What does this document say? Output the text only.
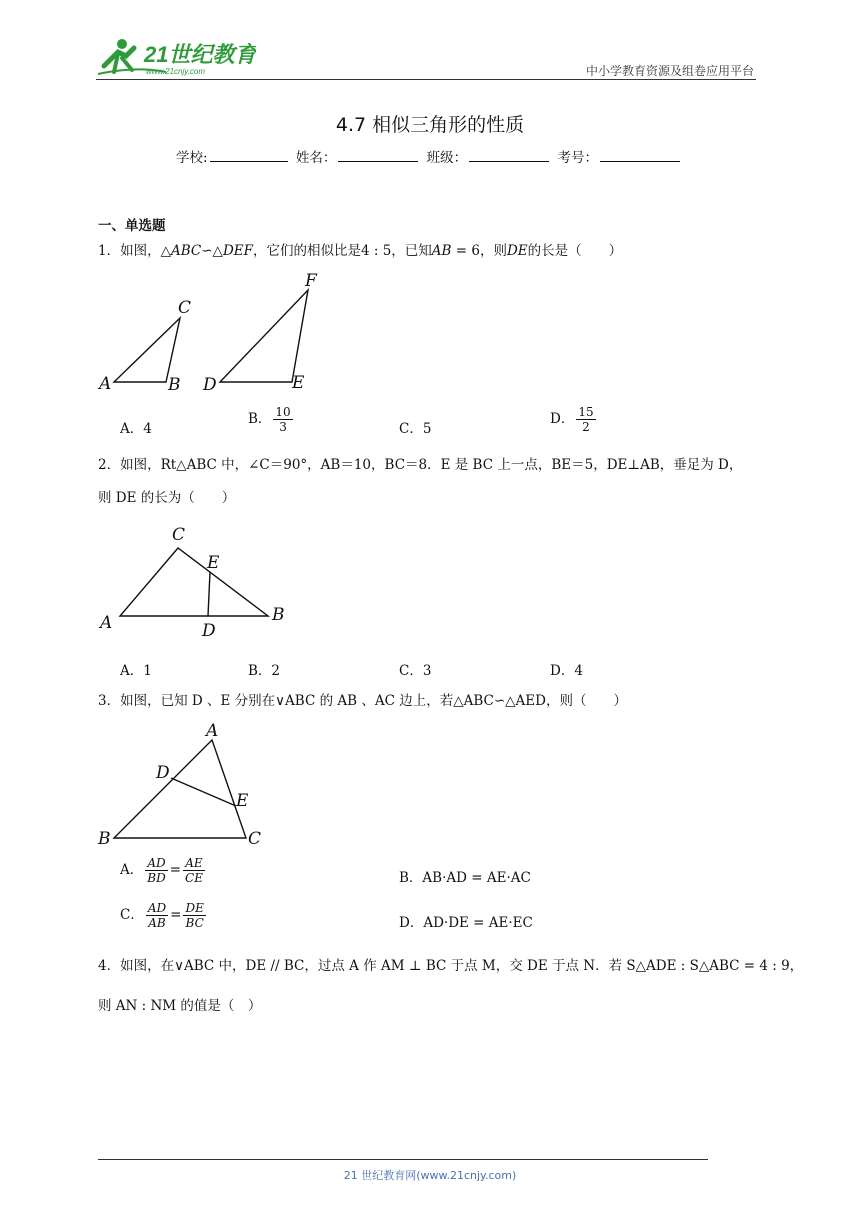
21世纪教育
www.21cnjy.com	中小学教育资源及组卷应用平台
4.7 相似三角形的性质
学校:	姓名：	班级：	考号：
一、单选题
1．如图，△ABC∽△DEF，它们的相似比是4 : 5，已知AB = 6，则DE的长是（　　）
A	B
C
D	E
F
A．4
B． $\frac{10}{3}$	C．5
D． $\frac{15}{2}$
2．如图，Rt△ABC 中，∠C＝90°，AB＝10，BC＝8．E 是 BC 上一点，BE＝5，DE⊥AB，垂足为 D，
则 DE 的长为（　　）
C
E
A	D
B
A．1	B．2	C．3	D．4
3．如图，已知 D 、E 分别在∨ABC 的 AB 、AC 边上，若△ABC∽△AED，则（　　）
A
D
E
B	C
A． $\frac{AD}{BD} = \frac{AE}{CE}$	B．AB·AD = AE·AC
C． $\frac{AD}{AB} = \frac{DE}{BC}$	D．AD·DE = AE·EC
4．如图，在∨ABC 中，DE // BC，过点 A 作 AM ⊥ BC 于点 M，交 DE 于点 N．若 S△ADE : S△ABC = 4 : 9，
则 AN : NM 的值是（　）
21 世纪教育网(www.21cnjy.com)
